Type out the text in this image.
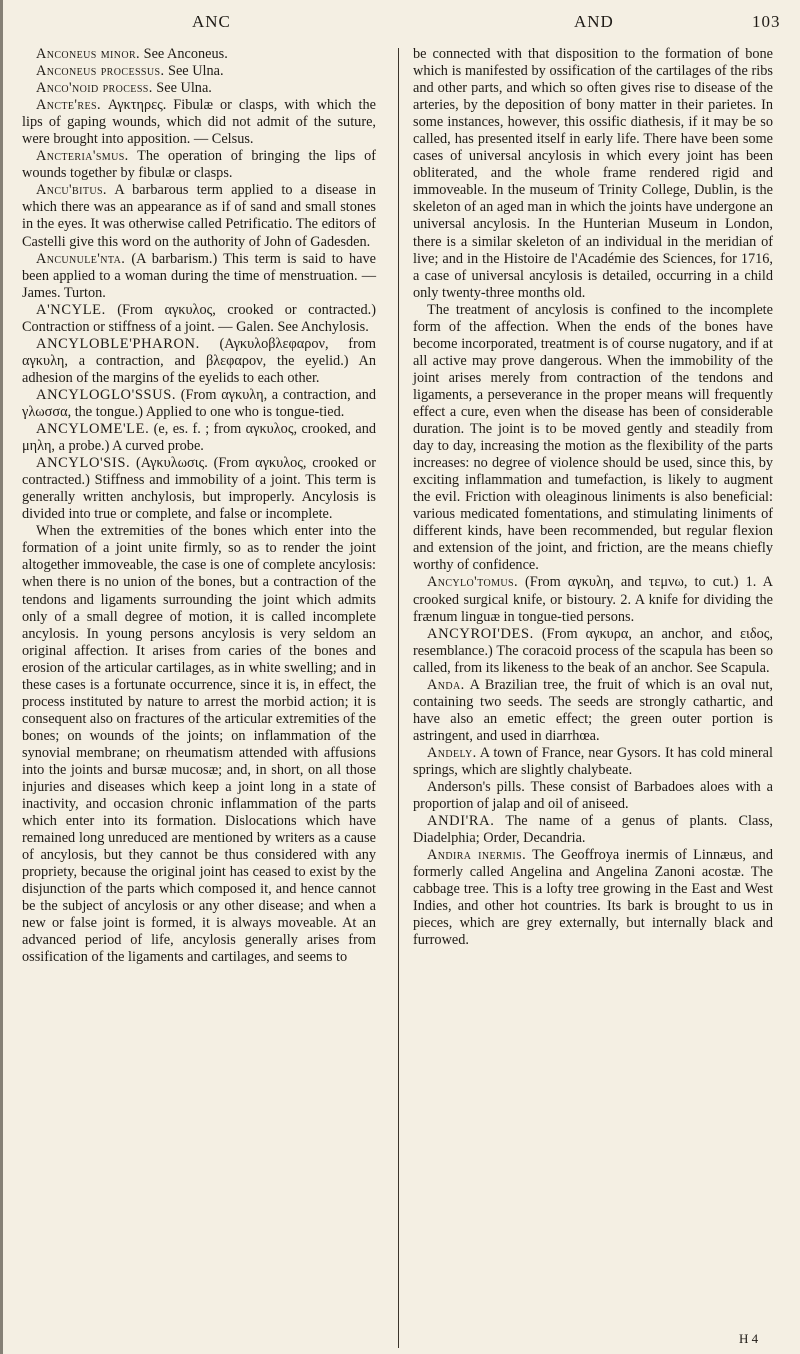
ANC	AND	103

Anconeus minor. See Anconeus.

Anconeus processus. See Ulna.

Anco'noid process. See Ulna.

Ancte'res. Αγκτηρες. Fibulæ or clasps, with which the lips of gaping wounds, which did not admit of the suture, were brought into apposition. — Celsus.

Ancteria'smus. The operation of bringing the lips of wounds together by fibulæ or clasps.

Ancu'bitus. A barbarous term applied to a disease in which there was an appearance as if of sand and small stones in the eyes. It was otherwise called Petrificatio. The editors of Castelli give this word on the authority of John of Gadesden.

Ancunule'nta. (A barbarism.) This term is said to have been applied to a woman during the time of menstruation. — James. Turton.

A'NCYLE. (From αγκυλος, crooked or contracted.) Contraction or stiffness of a joint. — Galen. See Anchylosis.

ANCYLOBLE'PHARON. (Αγκυλοβλεφαρον, from αγκυλη, a contraction, and βλεφαρον, the eyelid.) An adhesion of the margins of the eyelids to each other.

ANCYLOGLO'SSUS. (From αγκυλη, a contraction, and γλωσσα, the tongue.) Applied to one who is tongue-tied.

ANCYLOME'LE. (e, es. f. ; from αγκυλος, crooked, and μηλη, a probe.) A curved probe.

ANCYLO'SIS. (Αγκυλωσις. (From αγκυλος, crooked or contracted.) Stiffness and immobility of a joint. This term is generally written anchylosis, but improperly. Ancylosis is divided into true or complete, and false or incomplete.

When the extremities of the bones which enter into the formation of a joint unite firmly, so as to render the joint altogether immoveable, the case is one of complete ancylosis: when there is no union of the bones, but a contraction of the tendons and ligaments surrounding the joint which admits only of a small degree of motion, it is called incomplete ancylosis. In young persons ancylosis is very seldom an original affection. It arises from caries of the bones and erosion of the articular cartilages, as in white swelling; and in these cases is a fortunate occurrence, since it is, in effect, the process instituted by nature to arrest the morbid action; it is consequent also on fractures of the articular extremities of the bones; on wounds of the joints; on inflammation of the synovial membrane; on rheumatism attended with affusions into the joints and bursæ mucosæ; and, in short, on all those injuries and diseases which keep a joint long in a state of inactivity, and occasion chronic inflammation of the parts which enter into its formation. Dislocations which have remained long unreduced are mentioned by writers as a cause of ancylosis, but they cannot be thus considered with any propriety, because the original joint has ceased to exist by the disjunction of the parts which composed it, and hence cannot be the subject of ancylosis or any other disease; and when a new or false joint is formed, it is always moveable. At an advanced period of life, ancylosis generally arises from ossification of the ligaments and cartilages, and seems to

be connected with that disposition to the formation of bone which is manifested by ossification of the cartilages of the ribs and other parts, and which so often gives rise to disease of the arteries, by the deposition of bony matter in their parietes. In some instances, however, this ossific diathesis, if it may be so called, has presented itself in early life. There have been some cases of universal ancylosis in which every joint has been obliterated, and the whole frame rendered rigid and immoveable. In the museum of Trinity College, Dublin, is the skeleton of an aged man in which the joints have undergone an universal ancylosis. In the Hunterian Museum in London, there is a similar skeleton of an individual in the meridian of live; and in the Histoire de l'Académie des Sciences, for 1716, a case of universal ancylosis is detailed, occurring in a child only twenty-three months old.

The treatment of ancylosis is confined to the incomplete form of the affection. When the ends of the bones have become incorporated, treatment is of course nugatory, and if at all active may prove dangerous. When the immobility of the joint arises merely from contraction of the tendons and ligaments, a perseverance in the proper means will frequently effect a cure, even when the disease has been of considerable duration. The joint is to be moved gently and steadily from day to day, increasing the motion as the flexibility of the parts increases: no degree of violence should be used, since this, by exciting inflammation and tumefaction, is likely to augment the evil. Friction with oleaginous liniments is also beneficial: various medicated fomentations, and stimulating liniments of different kinds, have been recommended, but regular flexion and extension of the joint, and friction, are the means chiefly worthy of confidence.

Ancylo'tomus. (From αγκυλη, and τεμνω, to cut.) 1. A crooked surgical knife, or bistoury. 2. A knife for dividing the frænum linguæ in tongue-tied persons.

ANCYROI'DES. (From αγκυρα, an anchor, and ειδος, resemblance.) The coracoid process of the scapula has been so called, from its likeness to the beak of an anchor. See Scapula.

Anda. A Brazilian tree, the fruit of which is an oval nut, containing two seeds. The seeds are strongly cathartic, and have also an emetic effect; the green outer portion is astringent, and used in diarrhœa.

Andely. A town of France, near Gysors. It has cold mineral springs, which are slightly chalybeate.

Anderson's pills. These consist of Barbadoes aloes with a proportion of jalap and oil of aniseed.

ANDI'RA. The name of a genus of plants. Class, Diadelphia; Order, Decandria.

Andira inermis. The Geoffroya inermis of Linnæus, and formerly called Angelina and Angelina Zanoni acostæ. The cabbage tree. This is a lofty tree growing in the East and West Indies, and other hot countries. Its bark is brought to us in pieces, which are grey externally, but internally black and furrowed.

H 4
